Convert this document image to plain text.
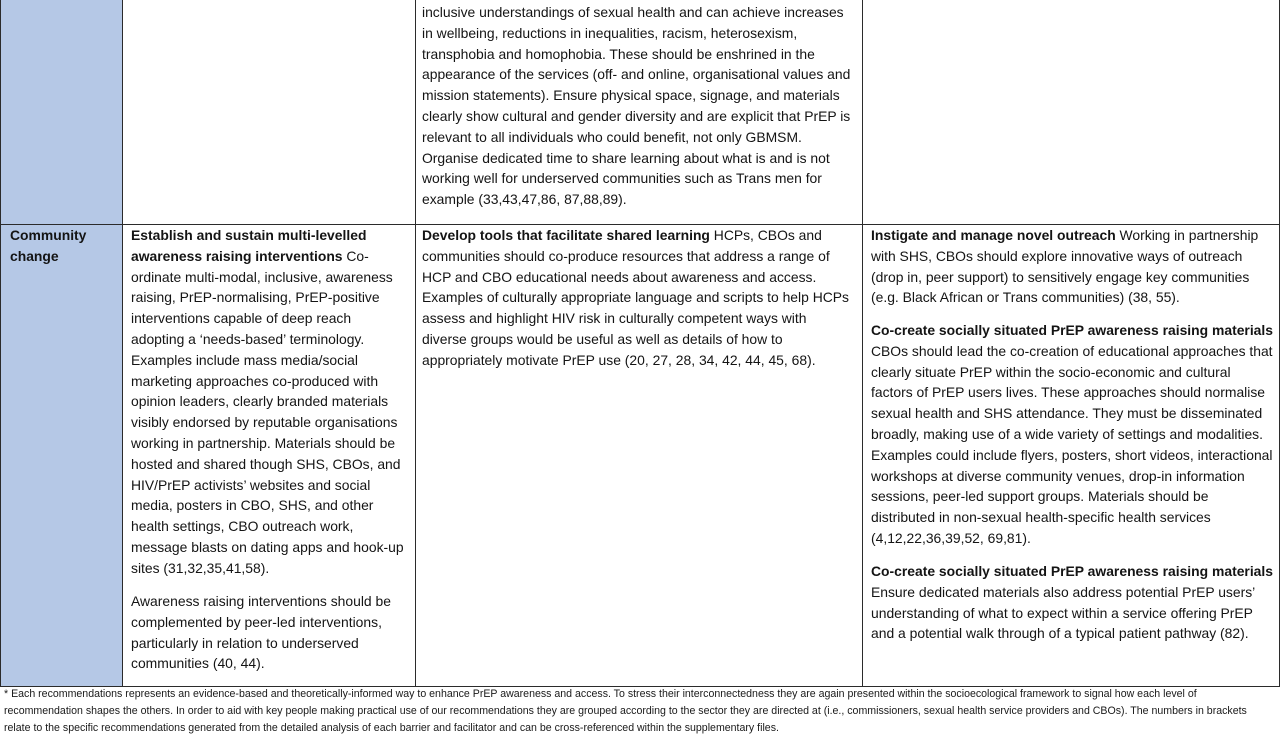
inclusive understandings of sexual health and can achieve increases in wellbeing, reductions in inequalities, racism, heterosexism, transphobia and homophobia. These should be enshrined in the appearance of the services (off- and online, organisational values and mission statements). Ensure physical space, signage, and materials clearly show cultural and gender diversity and are explicit that PrEP is relevant to all individuals who could benefit, not only GBMSM. Organise dedicated time to share learning about what is and is not working well for underserved communities such as Trans men for example (33,43,47,86, 87,88,89).
Community change
Establish and sustain multi-levelled awareness raising interventions Co-ordinate multi-modal, inclusive, awareness raising, PrEP-normalising, PrEP-positive interventions capable of deep reach adopting a ‘needs-based’ terminology. Examples include mass media/social marketing approaches co-produced with opinion leaders, clearly branded materials visibly endorsed by reputable organisations working in partnership. Materials should be hosted and shared though SHS, CBOs, and HIV/PrEP activists’ websites and social media, posters in CBO, SHS, and other health settings, CBO outreach work, message blasts on dating apps and hook-up sites (31,32,35,41,58).
Awareness raising interventions should be complemented by peer-led interventions, particularly in relation to underserved communities (40, 44).
Develop tools that facilitate shared learning HCPs, CBOs and communities should co-produce resources that address a range of HCP and CBO educational needs about awareness and access. Examples of culturally appropriate language and scripts to help HCPs assess and highlight HIV risk in culturally competent ways with diverse groups would be useful as well as details of how to appropriately motivate PrEP use (20, 27, 28, 34, 42, 44, 45, 68).
Instigate and manage novel outreach Working in partnership with SHS, CBOs should explore innovative ways of outreach (drop in, peer support) to sensitively engage key communities (e.g. Black African or Trans communities) (38, 55).
Co-create socially situated PrEP awareness raising materials
CBOs should lead the co-creation of educational approaches that clearly situate PrEP within the socio-economic and cultural factors of PrEP users lives. These approaches should normalise sexual health and SHS attendance. They must be disseminated broadly, making use of a wide variety of settings and modalities. Examples could include flyers, posters, short videos, interactional workshops at diverse community venues, drop-in information sessions, peer-led support groups. Materials should be distributed in non-sexual health-specific health services (4,12,22,36,39,52, 69,81).
Co-create socially situated PrEP awareness raising materials
Ensure dedicated materials also address potential PrEP users’ understanding of what to expect within a service offering PrEP and a potential walk through of a typical patient pathway (82).
* Each recommendations represents an evidence-based and theoretically-informed way to enhance PrEP awareness and access. To stress their interconnectedness they are again presented within the socioecological framework to signal how each level of recommendation shapes the others. In order to aid with key people making practical use of our recommendations they are grouped according to the sector they are directed at (i.e., commissioners, sexual health service providers and CBOs). The numbers in brackets relate to the specific recommendations generated from the detailed analysis of each barrier and facilitator and can be cross-referenced within the supplementary files.
